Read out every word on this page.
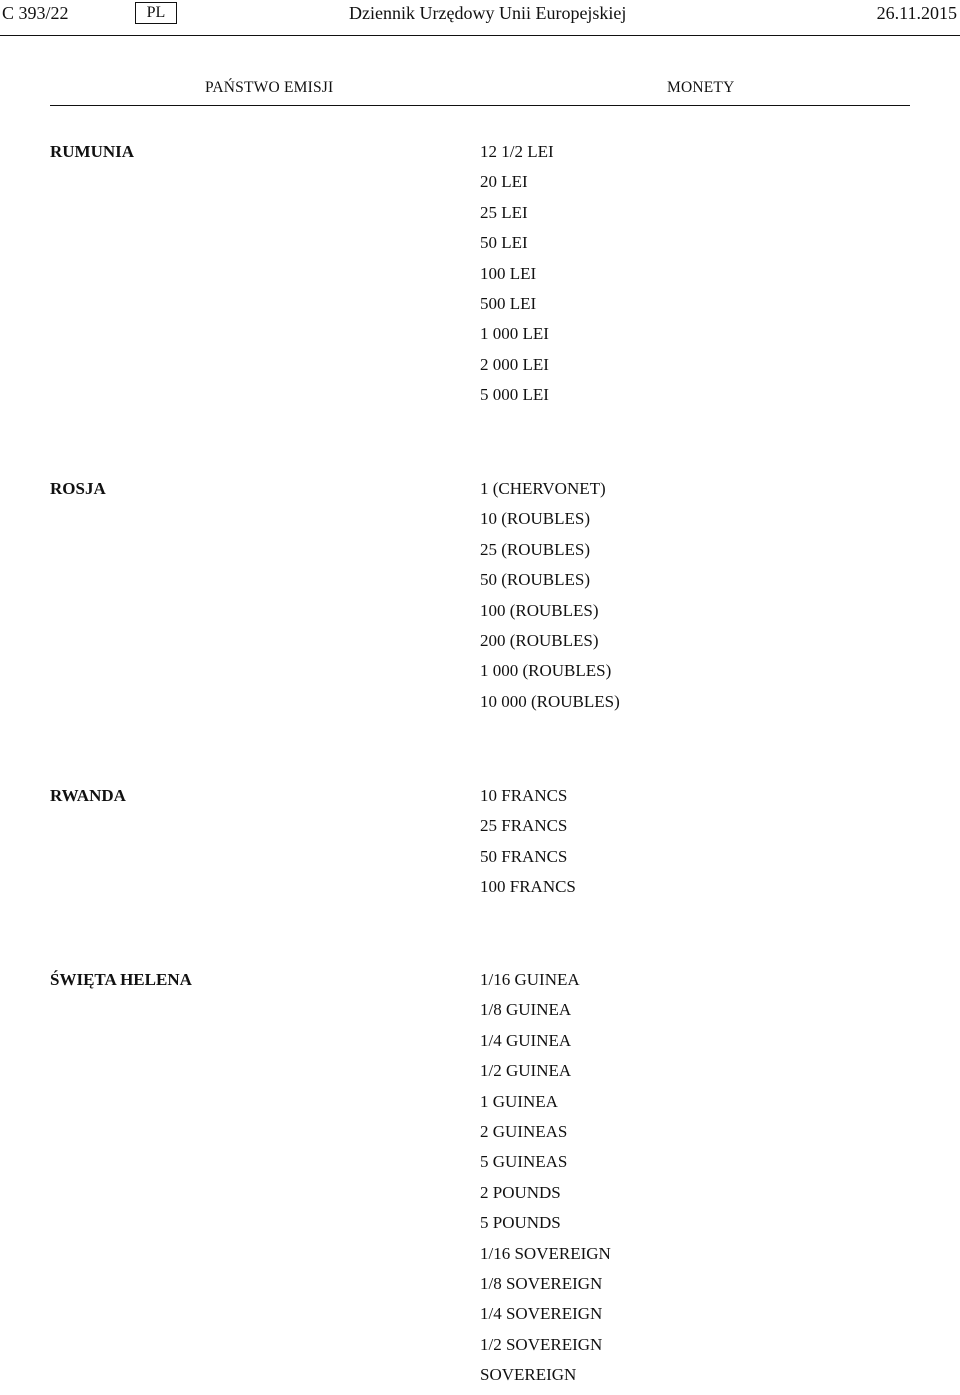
C 393/22	PL	Dziennik Urzędowy Unii Europejskiej	26.11.2015
PAŃSTWO EMISJI	MONETY
RUMUNIA	12 1/2 LEI
20 LEI
25 LEI
50 LEI
100 LEI
500 LEI
1 000 LEI
2 000 LEI
5 000 LEI
ROSJA	1 (CHERVONET)
10 (ROUBLES)
25 (ROUBLES)
50 (ROUBLES)
100 (ROUBLES)
200 (ROUBLES)
1 000 (ROUBLES)
10 000 (ROUBLES)
RWANDA	10 FRANCS
25 FRANCS
50 FRANCS
100 FRANCS
ŚWIĘTA HELENA	1/16 GUINEA
1/8 GUINEA
1/4 GUINEA
1/2 GUINEA
1 GUINEA
2 GUINEAS
5 GUINEAS
2 POUNDS
5 POUNDS
1/16 SOVEREIGN
1/8 SOVEREIGN
1/4 SOVEREIGN
1/2 SOVEREIGN
SOVEREIGN
